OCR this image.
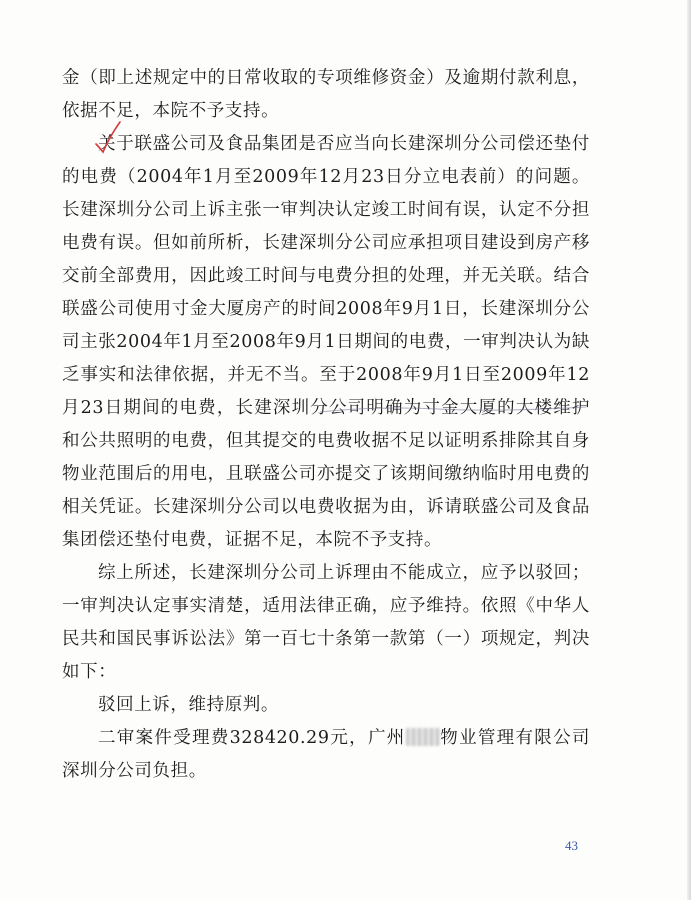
金（即上述规定中的日常收取的专项维修资金）及逾期付款利息，依据不足，本院不予支持。

关于联盛公司及食品集团是否应当向长建深圳分公司偿还垫付的电费（2004年1月至2009年12月23日分立电表前）的问题。长建深圳分公司上诉主张一审判决认定竣工时间有误，认定不分担电费有误。但如前所析，长建深圳分公司应承担项目建设到房产移交前全部费用，因此竣工时间与电费分担的处理，并无关联。结合联盛公司使用寸金大厦房产的时间2008年9月1日，长建深圳分公司主张2004年1月至2008年9月1日期间的电费，一审判决认为缺乏事实和法律依据，并无不当。至于2008年9月1日至2009年12月23日期间的电费，长建深圳分公司明确为寸金大厦的大楼维护和公共照明的电费，但其提交的电费收据不足以证明系排除其自身物业范围后的用电，且联盛公司亦提交了该期间缴纳临时用电费的相关凭证。长建深圳分公司以电费收据为由，诉请联盛公司及食品集团偿还垫付电费，证据不足，本院不予支持。

综上所述，长建深圳分公司上诉理由不能成立，应予以驳回；一审判决认定事实清楚，适用法律正确，应予维持。依照《中华人民共和国民事诉讼法》第一百七十条第一款第（一）项规定，判决如下：

驳回上诉，维持原判。

二审案件受理费328420.29元，广州 物业管理有限公司深圳分公司负担。

43
